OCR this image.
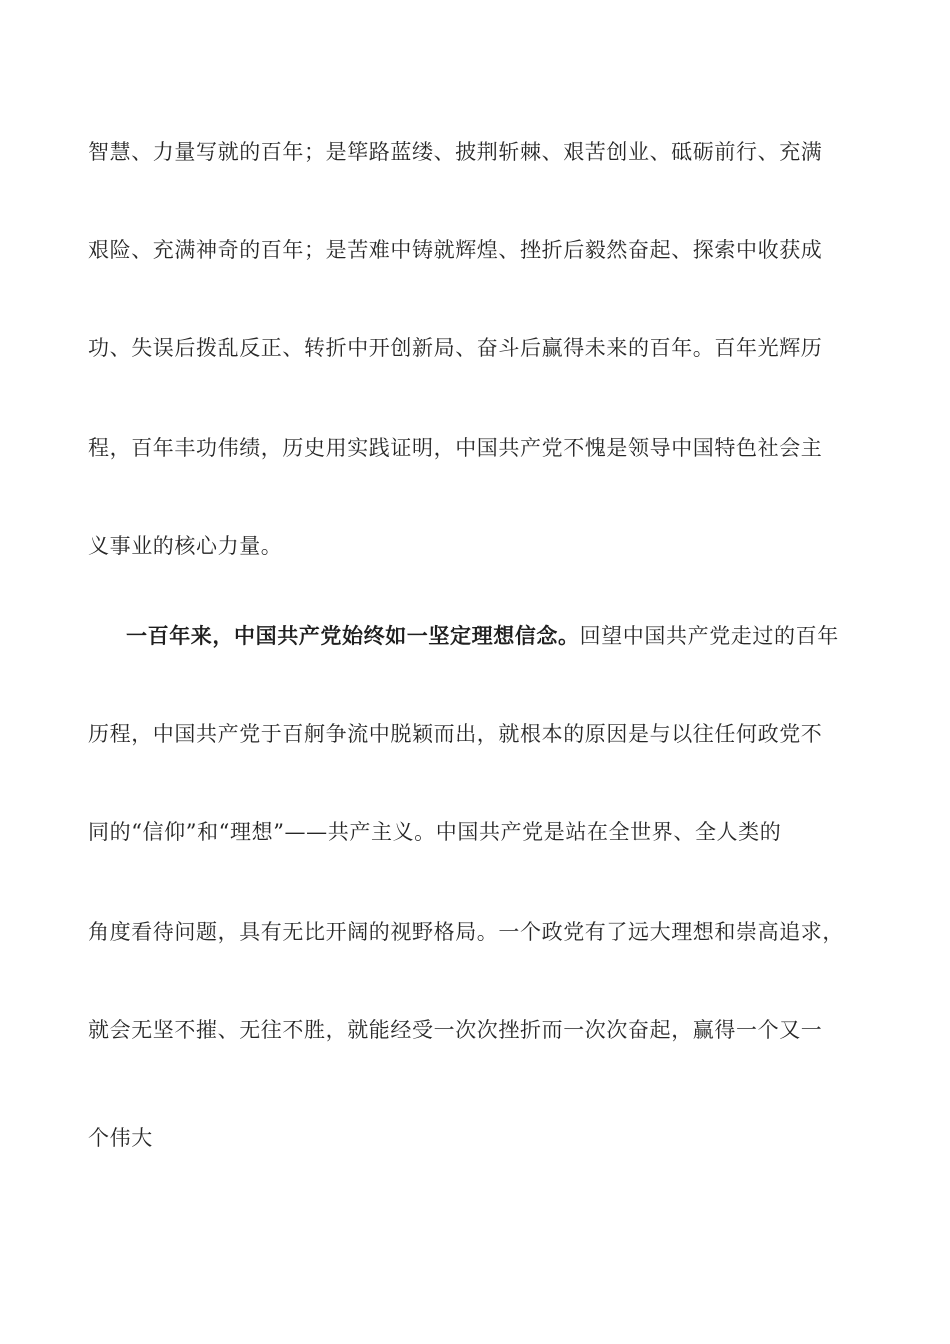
智慧、力量写就的百年；是筚路蓝缕、披荆斩棘、艰苦创业、砥砺前行、充满

艰险、充满神奇的百年；是苦难中铸就辉煌、挫折后毅然奋起、探索中收获成

功、失误后拨乱反正、转折中开创新局、奋斗后赢得未来的百年。百年光辉历

程，百年丰功伟绩，历史用实践证明，中国共产党不愧是领导中国特色社会主

义事业的核心力量。

一百年来，中国共产党始终如一坚定理想信念。回望中国共产党走过的百年

历程，中国共产党于百舸争流中脱颖而出，就根本的原因是与以往任何政党不

同的“信仰”和“理想”——共产主义。中国共产党是站在全世界、全人类的

角度看待问题，具有无比开阔的视野格局。一个政党有了远大理想和崇高追求，

就会无坚不摧、无往不胜，就能经受一次次挫折而一次次奋起，赢得一个又一

个伟大
